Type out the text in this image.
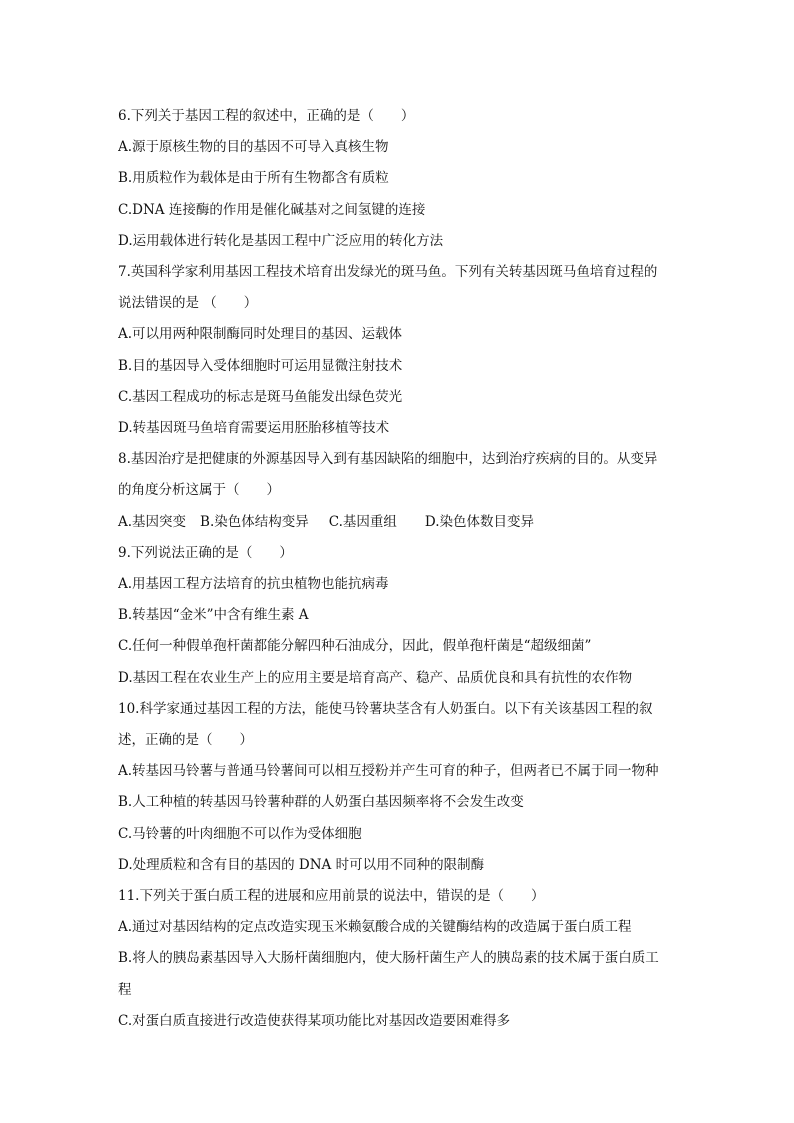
6.下列关于基因工程的叙述中，正确的是（　　）
A.源于原核生物的目的基因不可导入真核生物
B.用质粒作为载体是由于所有生物都含有质粒
C.DNA 连接酶的作用是催化碱基对之间氢键的连接
D.运用载体进行转化是基因工程中广泛应用的转化方法
7.英国科学家利用基因工程技术培育出发绿光的斑马鱼。下列有关转基因斑马鱼培育过程的
说法错误的是 （　　）
A.可以用两种限制酶同时处理目的基因、运载体
B.目的基因导入受体细胞时可运用显微注射技术
C.基因工程成功的标志是斑马鱼能发出绿色荧光
D.转基因斑马鱼培育需要运用胚胎移植等技术
8.基因治疗是把健康的外源基因导入到有基因缺陷的细胞中，达到治疗疾病的目的。从变异
的角度分析这属于（　　）
A.基因突变 B.染色体结构变异 C.基因重组 D.染色体数目变异
9.下列说法正确的是（　　）
A.用基因工程方法培育的抗虫植物也能抗病毒
B.转基因“金米”中含有维生素 A
C.任何一种假单孢杆菌都能分解四种石油成分，因此，假单孢杆菌是“超级细菌”
D.基因工程在农业生产上的应用主要是培育高产、稳产、品质优良和具有抗性的农作物
10.科学家通过基因工程的方法，能使马铃薯块茎含有人奶蛋白。以下有关该基因工程的叙
述，正确的是（　　）
A.转基因马铃薯与普通马铃薯间可以相互授粉并产生可育的种子，但两者已不属于同一物种
B.人工种植的转基因马铃薯种群的人奶蛋白基因频率将不会发生改变
C.马铃薯的叶肉细胞不可以作为受体细胞
D.处理质粒和含有目的基因的 DNA 时可以用不同种的限制酶
11.下列关于蛋白质工程的进展和应用前景的说法中，错误的是（　　）
A.通过对基因结构的定点改造实现玉米赖氨酸合成的关键酶结构的改造属于蛋白质工程
B.将人的胰岛素基因导入大肠杆菌细胞内，使大肠杆菌生产人的胰岛素的技术属于蛋白质工
程
C.对蛋白质直接进行改造使获得某项功能比对基因改造要困难得多
